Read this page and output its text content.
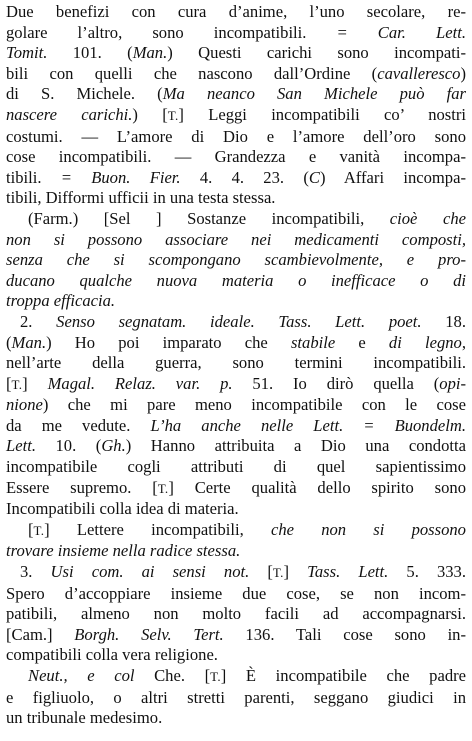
Due benefizi con cura d’anime, l’uno secolare, re-
golare l’altro, sono incompatibili. = Car. Lett.
Tomit. 101. (Man.) Questi carichi sono incompati-
bili con quelli che nascono dall’Ordine (cavalleresco)
di S. Michele. (Ma neanco San Michele può far
nascere carichi.) [T.] Leggi incompatibili co’ nostri
costumi. — L’amore di Dio e l’amore dell’oro sono
cose incompatibili. — Grandezza e vanità incompa-
tibili. = Buon. Fier. 4. 4. 23. (C) Affari incompa-
tibili, Difformi ufficii in una testa stessa.
(Farm.) [Sel ] Sostanze incompatibili, cioè che
non si possono associare nei medicamenti composti,
senza che si scompongano scambievolmente, e pro-
ducano qualche nuova materia o inefficace o di
troppa efficacia.
2. Senso segnatam. ideale. Tass. Lett. poet. 18.
(Man.) Ho poi imparato che stabile e di legno,
nell’arte della guerra, sono termini incompatibili.
[T.] Magal. Relaz. var. p. 51. Io dirò quella (opi-
nione) che mi pare meno incompatibile con le cose
da me vedute. L’ha anche nelle Lett. = Buondelm.
Lett. 10. (Gh.) Hanno attribuita a Dio una condotta
incompatibile cogli attributi di quel sapientissimo
Essere supremo. [T.] Certe qualità dello spirito sono
Incompatibili colla idea di materia.
[T.] Lettere incompatibili, che non si possono
trovare insieme nella radice stessa.
3. Usi com. ai sensi not. [T.] Tass. Lett. 5. 333.
Spero d’accoppiare insieme due cose, se non incom-
patibili, almeno non molto facili ad accompagnarsi.
[Cam.] Borgh. Selv. Tert. 136. Tali cose sono in-
compatibili colla vera religione.
Neut., e col Che. [T.] È incompatibile che padre
e figliuolo, o altri stretti parenti, seggano giudici in
un tribunale medesimo.
